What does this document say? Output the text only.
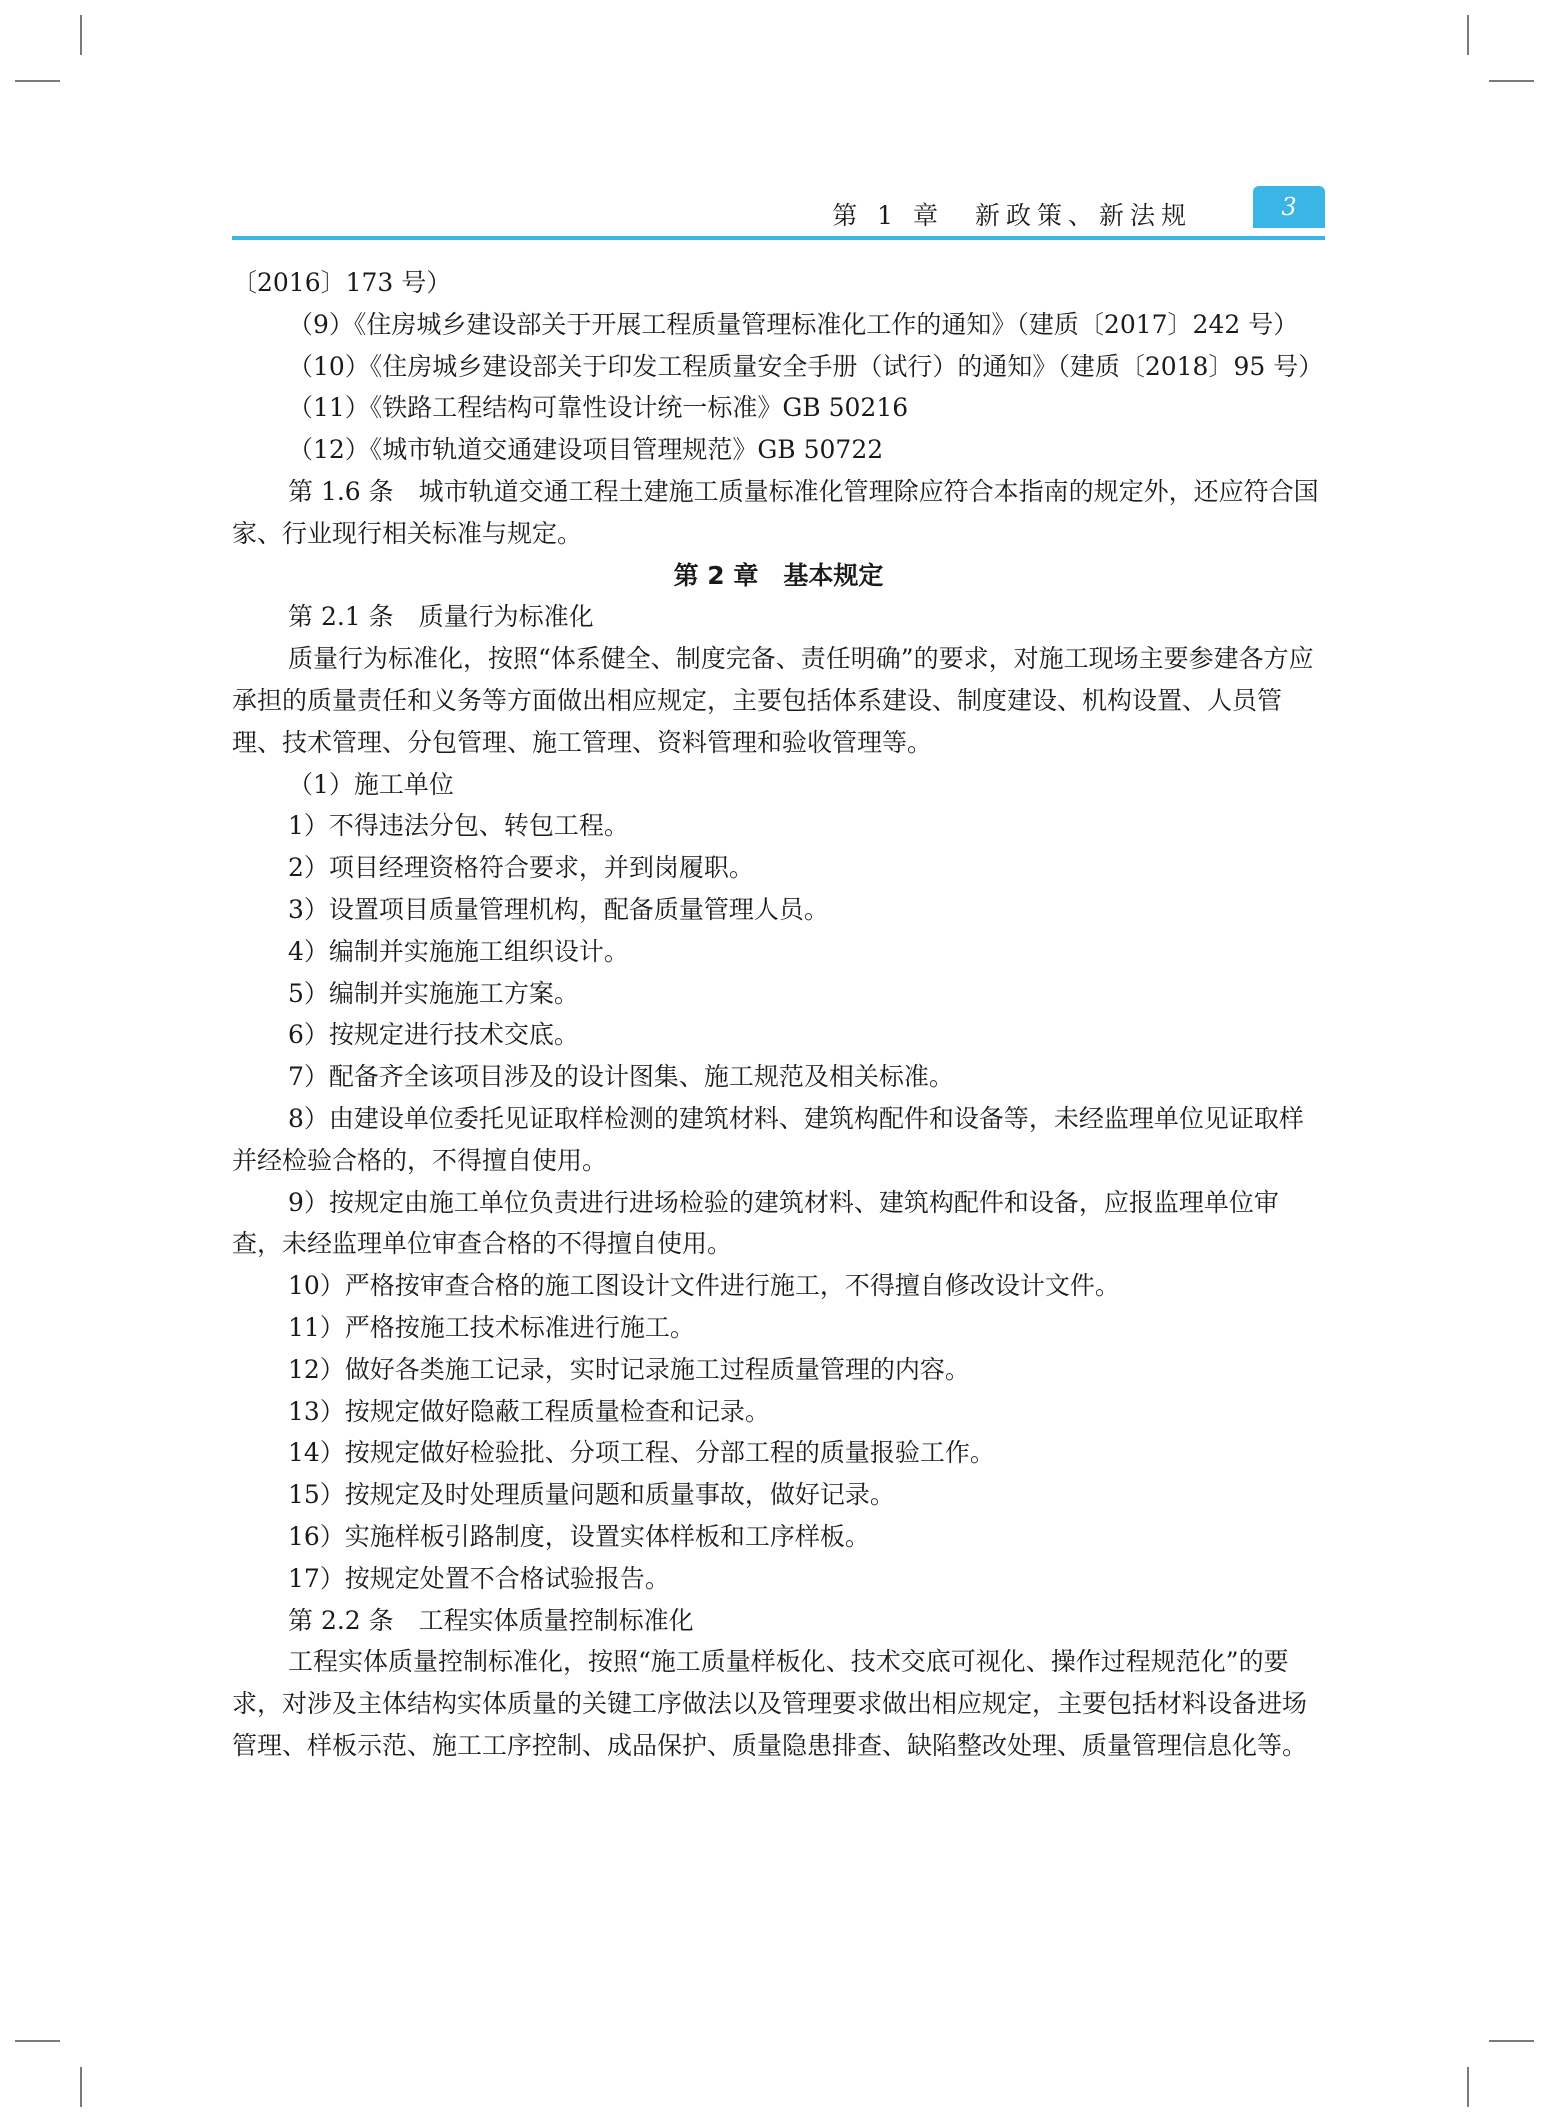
第 1 章　新政策、新法规	3

〔2016〕173 号）

（9）《住房城乡建设部关于开展工程质量管理标准化工作的通知》（建质〔2017〕242 号）

（10）《住房城乡建设部关于印发工程质量安全手册（试行）的通知》（建质〔2018〕95 号）

（11）《铁路工程结构可靠性设计统一标准》GB 50216

（12）《城市轨道交通建设项目管理规范》GB 50722

第 1.6 条　城市轨道交通工程土建施工质量标准化管理除应符合本指南的规定外，还应符合国家、行业现行相关标准与规定。

第 2 章　基本规定

第 2.1 条　质量行为标准化

质量行为标准化，按照“体系健全、制度完备、责任明确”的要求，对施工现场主要参建各方应承担的质量责任和义务等方面做出相应规定，主要包括体系建设、制度建设、机构设置、人员管理、技术管理、分包管理、施工管理、资料管理和验收管理等。

（1）施工单位

1）不得违法分包、转包工程。

2）项目经理资格符合要求，并到岗履职。

3）设置项目质量管理机构，配备质量管理人员。

4）编制并实施施工组织设计。

5）编制并实施施工方案。

6）按规定进行技术交底。

7）配备齐全该项目涉及的设计图集、施工规范及相关标准。

8）由建设单位委托见证取样检测的建筑材料、建筑构配件和设备等，未经监理单位见证取样并经检验合格的，不得擅自使用。

9）按规定由施工单位负责进行进场检验的建筑材料、建筑构配件和设备，应报监理单位审查，未经监理单位审查合格的不得擅自使用。

10）严格按审查合格的施工图设计文件进行施工，不得擅自修改设计文件。

11）严格按施工技术标准进行施工。

12）做好各类施工记录，实时记录施工过程质量管理的内容。

13）按规定做好隐蔽工程质量检查和记录。

14）按规定做好检验批、分项工程、分部工程的质量报验工作。

15）按规定及时处理质量问题和质量事故，做好记录。

16）实施样板引路制度，设置实体样板和工序样板。

17）按规定处置不合格试验报告。

第 2.2 条　工程实体质量控制标准化

工程实体质量控制标准化，按照“施工质量样板化、技术交底可视化、操作过程规范化”的要求，对涉及主体结构实体质量的关键工序做法以及管理要求做出相应规定，主要包括材料设备进场管理、样板示范、施工工序控制、成品保护、质量隐患排查、缺陷整改处理、质量管理信息化等。
